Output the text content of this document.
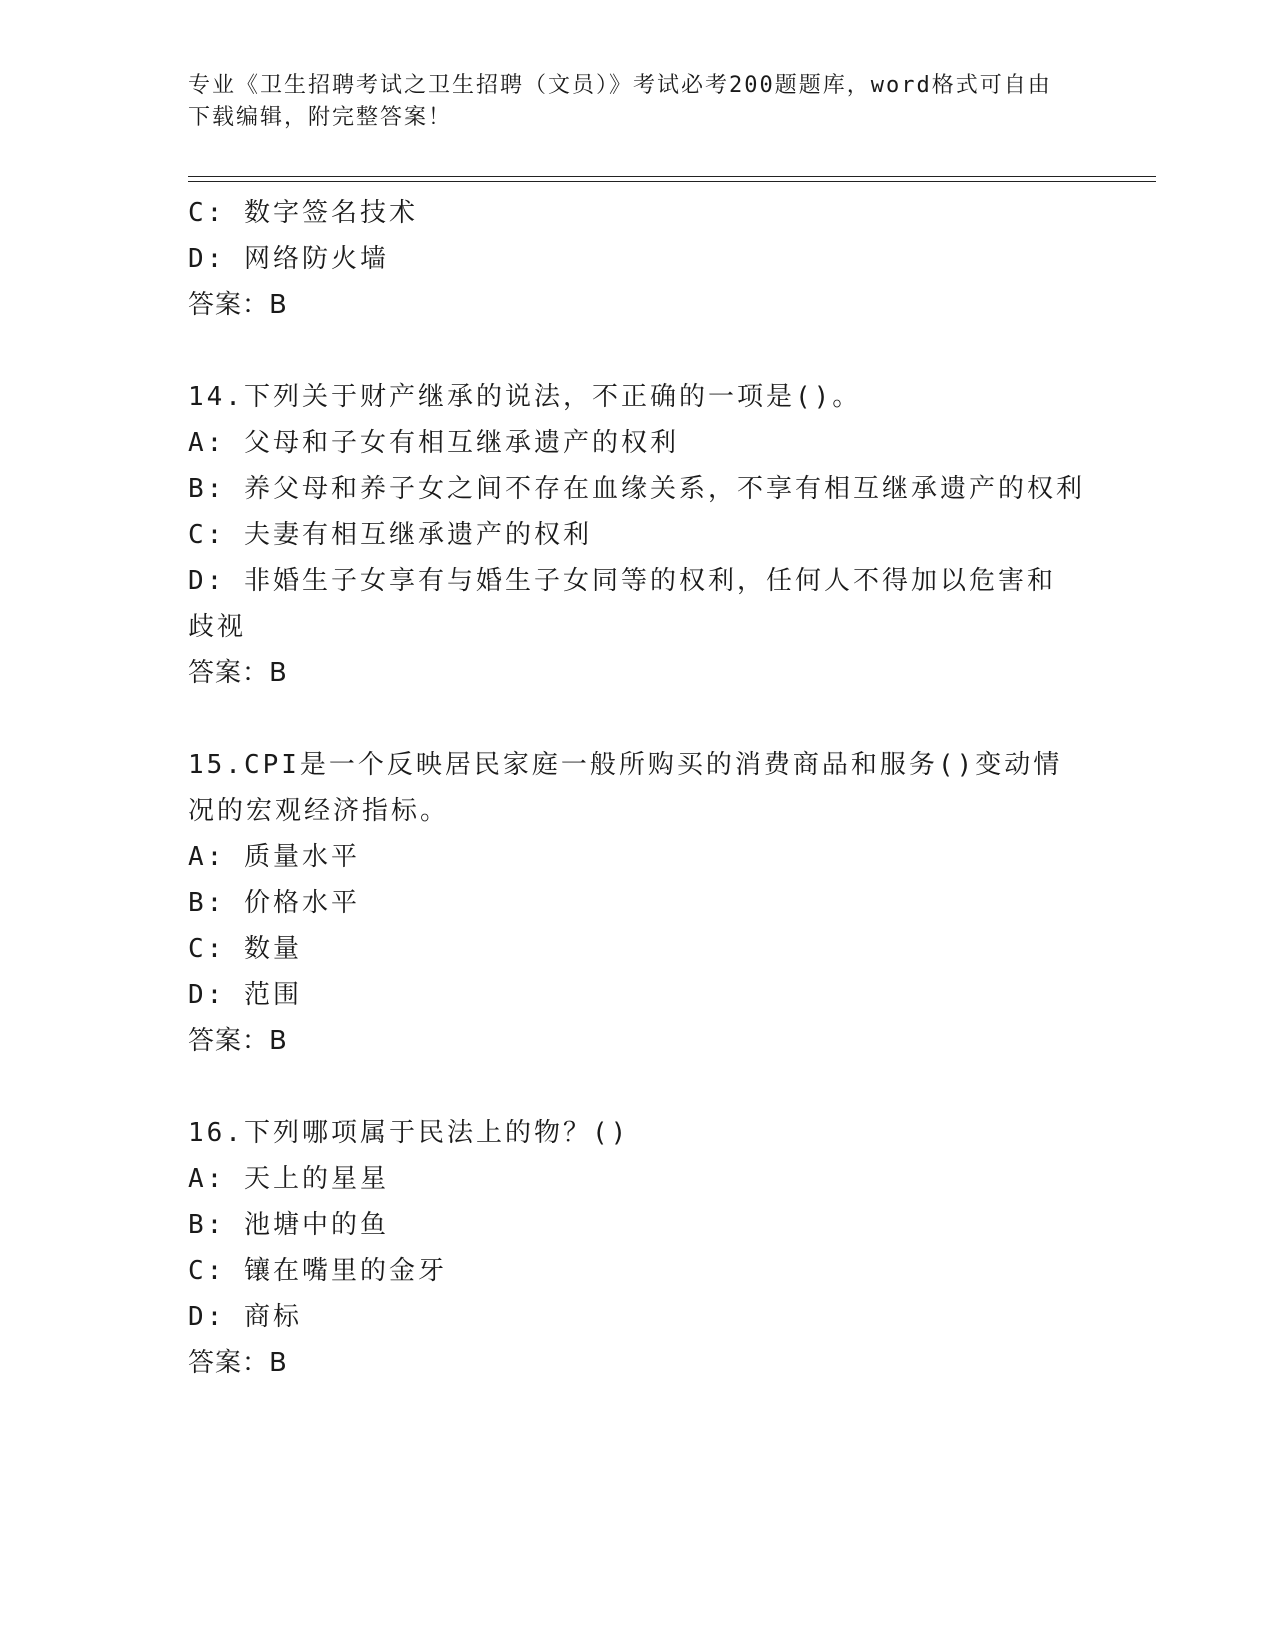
专业《卫生招聘考试之卫生招聘（文员）》考试必考200题题库，word格式可自由下载编辑，附完整答案！
C: 数字签名技术
D: 网络防火墙
答案：B
14.下列关于财产继承的说法，不正确的一项是()。
A: 父母和子女有相互继承遗产的权利
B: 养父母和养子女之间不存在血缘关系，不享有相互继承遗产的权利
C: 夫妻有相互继承遗产的权利
D: 非婚生子女享有与婚生子女同等的权利，任何人不得加以危害和歧视
答案：B
15.CPI是一个反映居民家庭一般所购买的消费商品和服务()变动情况的宏观经济指标。
A: 质量水平
B: 价格水平
C: 数量
D: 范围
答案：B
16.下列哪项属于民法上的物？()
A: 天上的星星
B: 池塘中的鱼
C: 镶在嘴里的金牙
D: 商标
答案：B
